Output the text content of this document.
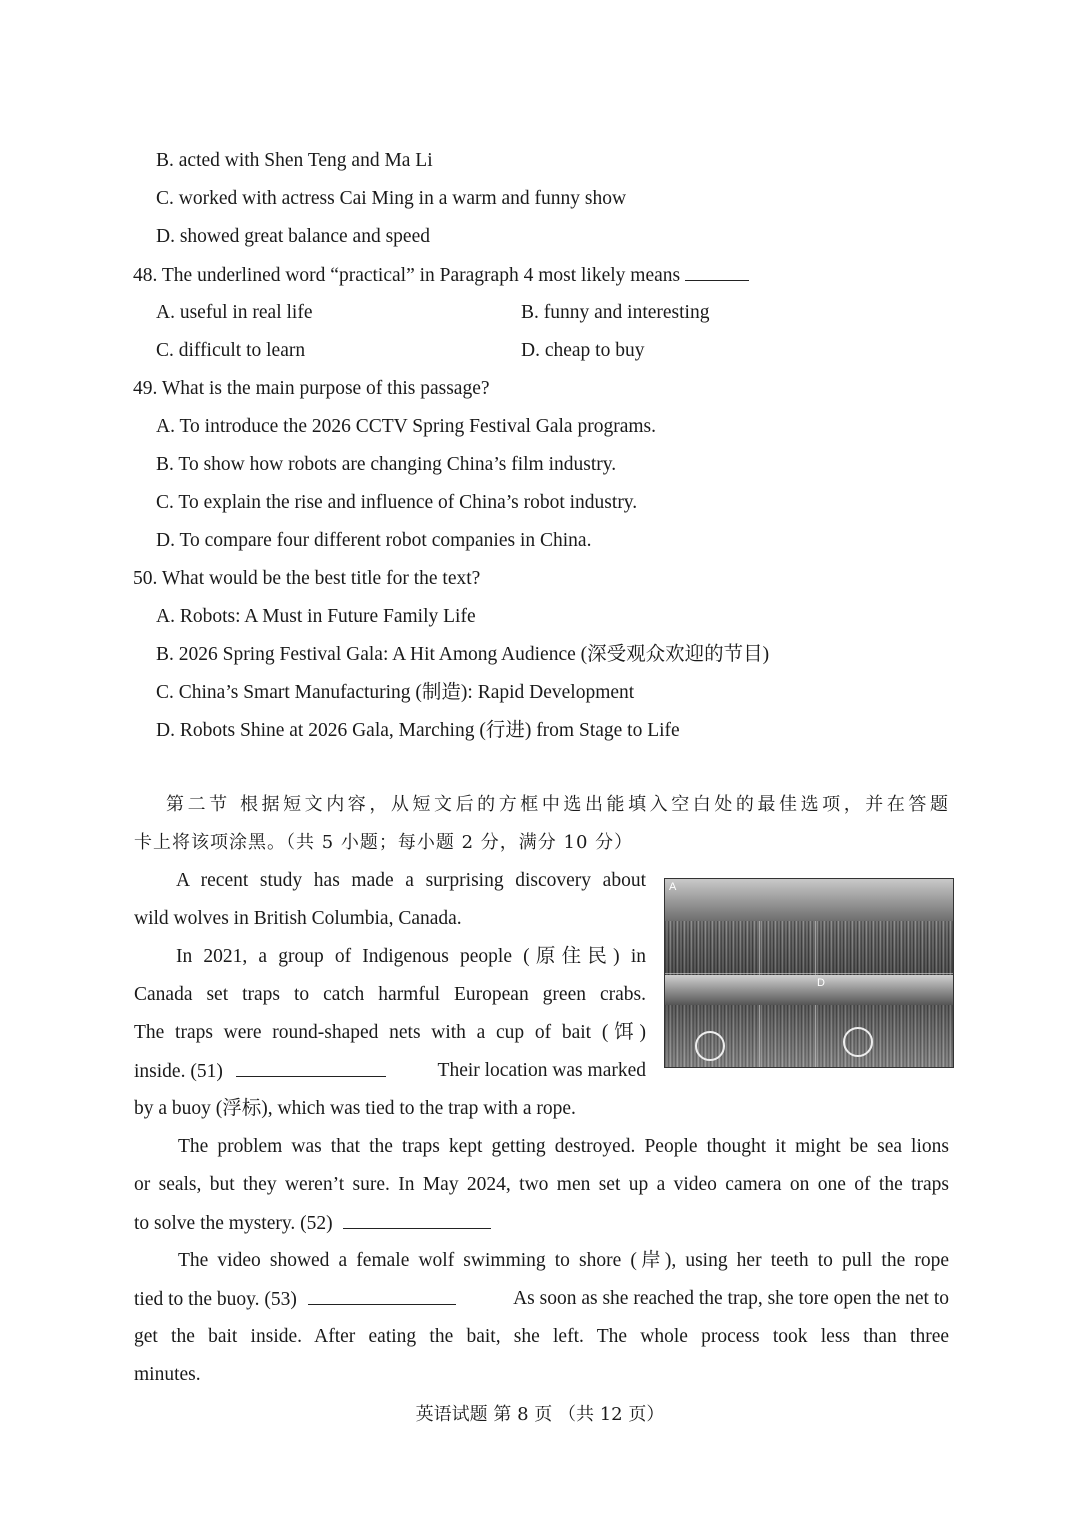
B. acted with Shen Teng and Ma Li
C. worked with actress Cai Ming in a warm and funny show
D. showed great balance and speed
48. The underlined word “practical” in Paragraph 4 most likely means
A. useful in real life	B. funny and interesting
C. difficult to learn	D. cheap to buy
49. What is the main purpose of this passage?
A. To introduce the 2026 CCTV Spring Festival Gala programs.
B. To show how robots are changing China’s film industry.
C. To explain the rise and influence of China’s robot industry.
D. To compare four different robot companies in China.
50. What would be the best title for the text?
A. Robots: A Must in Future Family Life
B. 2026 Spring Festival Gala: A Hit Among Audience (深受观众欢迎的节目)
C. China’s Smart Manufacturing (制造): Rapid Development
D. Robots Shine at 2026 Gala, Marching (行进) from Stage to Life
第二节 根据短文内容，从短文后的方框中选出能填入空白处的最佳选项，并在答题
卡上将该项涂黑。（共 5 小题；每小题 2 分，满分 10 分）
A recent study has made a surprising discovery about
wild wolves in British Columbia, Canada.
In 2021, a group of Indigenous people (原住民) in
Canada set traps to catch harmful European green crabs.
The traps were round-shaped nets with a cup of bait (饵)
inside. (51)	Their location was marked
by a buoy (浮标), which was tied to the trap with a rope.
A
D
The problem was that the traps kept getting destroyed. People thought it might be sea lions
or seals, but they weren’t sure. In May 2024, two men set up a video camera on one of the traps
to solve the mystery. (52)
The video showed a female wolf swimming to shore (岸), using her teeth to pull the rope
tied to the buoy. (53)	As soon as she reached the trap, she tore open the net to
get the bait inside. After eating the bait, she left. The whole process took less than three
minutes.
英语试题 第 8 页 （共 12 页）
